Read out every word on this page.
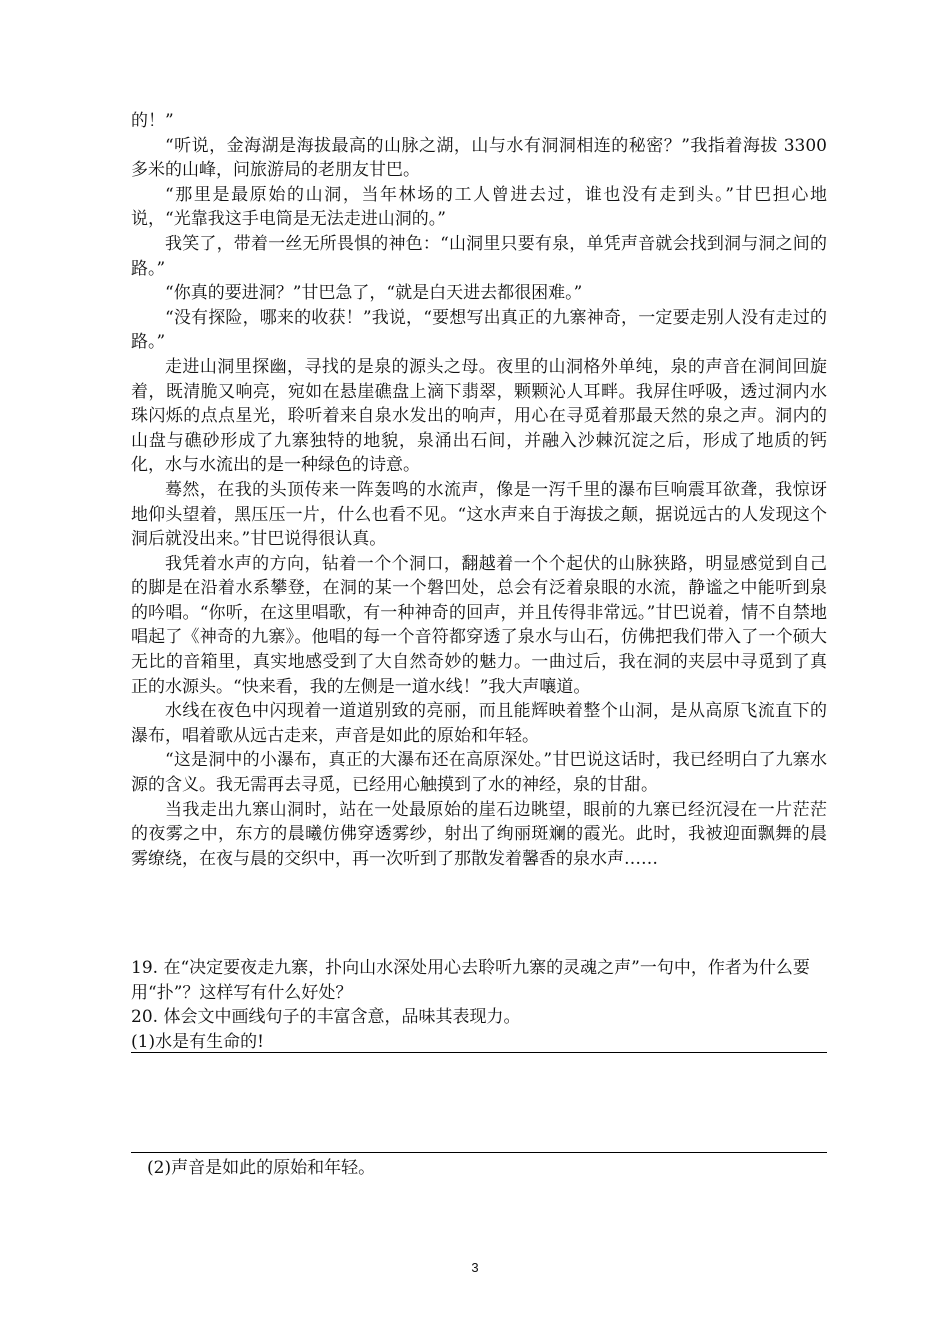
的！”

“听说，金海湖是海拔最高的山脉之湖，山与水有洞洞相连的秘密？”我指着海拔 3300 多米的山峰，问旅游局的老朋友甘巴。

“那里是最原始的山洞，当年林场的工人曾进去过，谁也没有走到头。”甘巴担心地说，“光靠我这手电筒是无法走进山洞的。”

我笑了，带着一丝无所畏惧的神色：“山洞里只要有泉，单凭声音就会找到洞与洞之间的路。”

“你真的要进洞？”甘巴急了，“就是白天进去都很困难。”

“没有探险，哪来的收获！”我说，“要想写出真正的九寨神奇，一定要走别人没有走过的路。”

走进山洞里探幽，寻找的是泉的源头之母。夜里的山洞格外单纯，泉的声音在洞间回旋着，既清脆又响亮，宛如在悬崖礁盘上滴下翡翠，颗颗沁人耳畔。我屏住呼吸，透过洞内水珠闪烁的点点星光，聆听着来自泉水发出的响声，用心在寻觅着那最天然的泉之声。洞内的山盘与礁砂形成了九寨独特的地貌，泉涌出石间，并融入沙棘沉淀之后，形成了地质的钙化，水与水流出的是一种绿色的诗意。

蓦然，在我的头顶传来一阵轰鸣的水流声，像是一泻千里的瀑布巨响震耳欲聋，我惊讶地仰头望着，黑压压一片，什么也看不见。“这水声来自于海拔之颠，据说远古的人发现这个洞后就没出来。”甘巴说得很认真。

我凭着水声的方向，钻着一个个洞口，翻越着一个个起伏的山脉狭路，明显感觉到自己的脚是在沿着水系攀登，在洞的某一个磐凹处，总会有泛着泉眼的水流，静谧之中能听到泉的吟唱。“你听，在这里唱歌，有一种神奇的回声，并且传得非常远。”甘巴说着，情不自禁地唱起了《神奇的九寨》。他唱的每一个音符都穿透了泉水与山石，仿佛把我们带入了一个硕大无比的音箱里，真实地感受到了大自然奇妙的魅力。一曲过后，我在洞的夹层中寻觅到了真正的水源头。“快来看，我的左侧是一道水线！”我大声嚷道。

水线在夜色中闪现着一道道别致的亮丽，而且能辉映着整个山洞，是从高原飞流直下的瀑布，唱着歌从远古走来，声音是如此的原始和年轻。

“这是洞中的小瀑布，真正的大瀑布还在高原深处。”甘巴说这话时，我已经明白了九寨水源的含义。我无需再去寻觅，已经用心触摸到了水的神经，泉的甘甜。

当我走出九寨山洞时，站在一处最原始的崖石边眺望，眼前的九寨已经沉浸在一片茫茫的夜雾之中，东方的晨曦仿佛穿透雾纱，射出了绚丽斑斓的霞光。此时，我被迎面飘舞的晨雾缭绕，在夜与晨的交织中，再一次听到了那散发着馨香的泉水声……

19. 在“决定要夜走九寨，扑向山水深处用心去聆听九寨的灵魂之声”一句中，作者为什么要用“扑”？这样写有什么好处？

20. 体会文中画线句子的丰富含意，品味其表现力。

(1)水是有生命的!
(2)声音是如此的原始和年轻。
3
